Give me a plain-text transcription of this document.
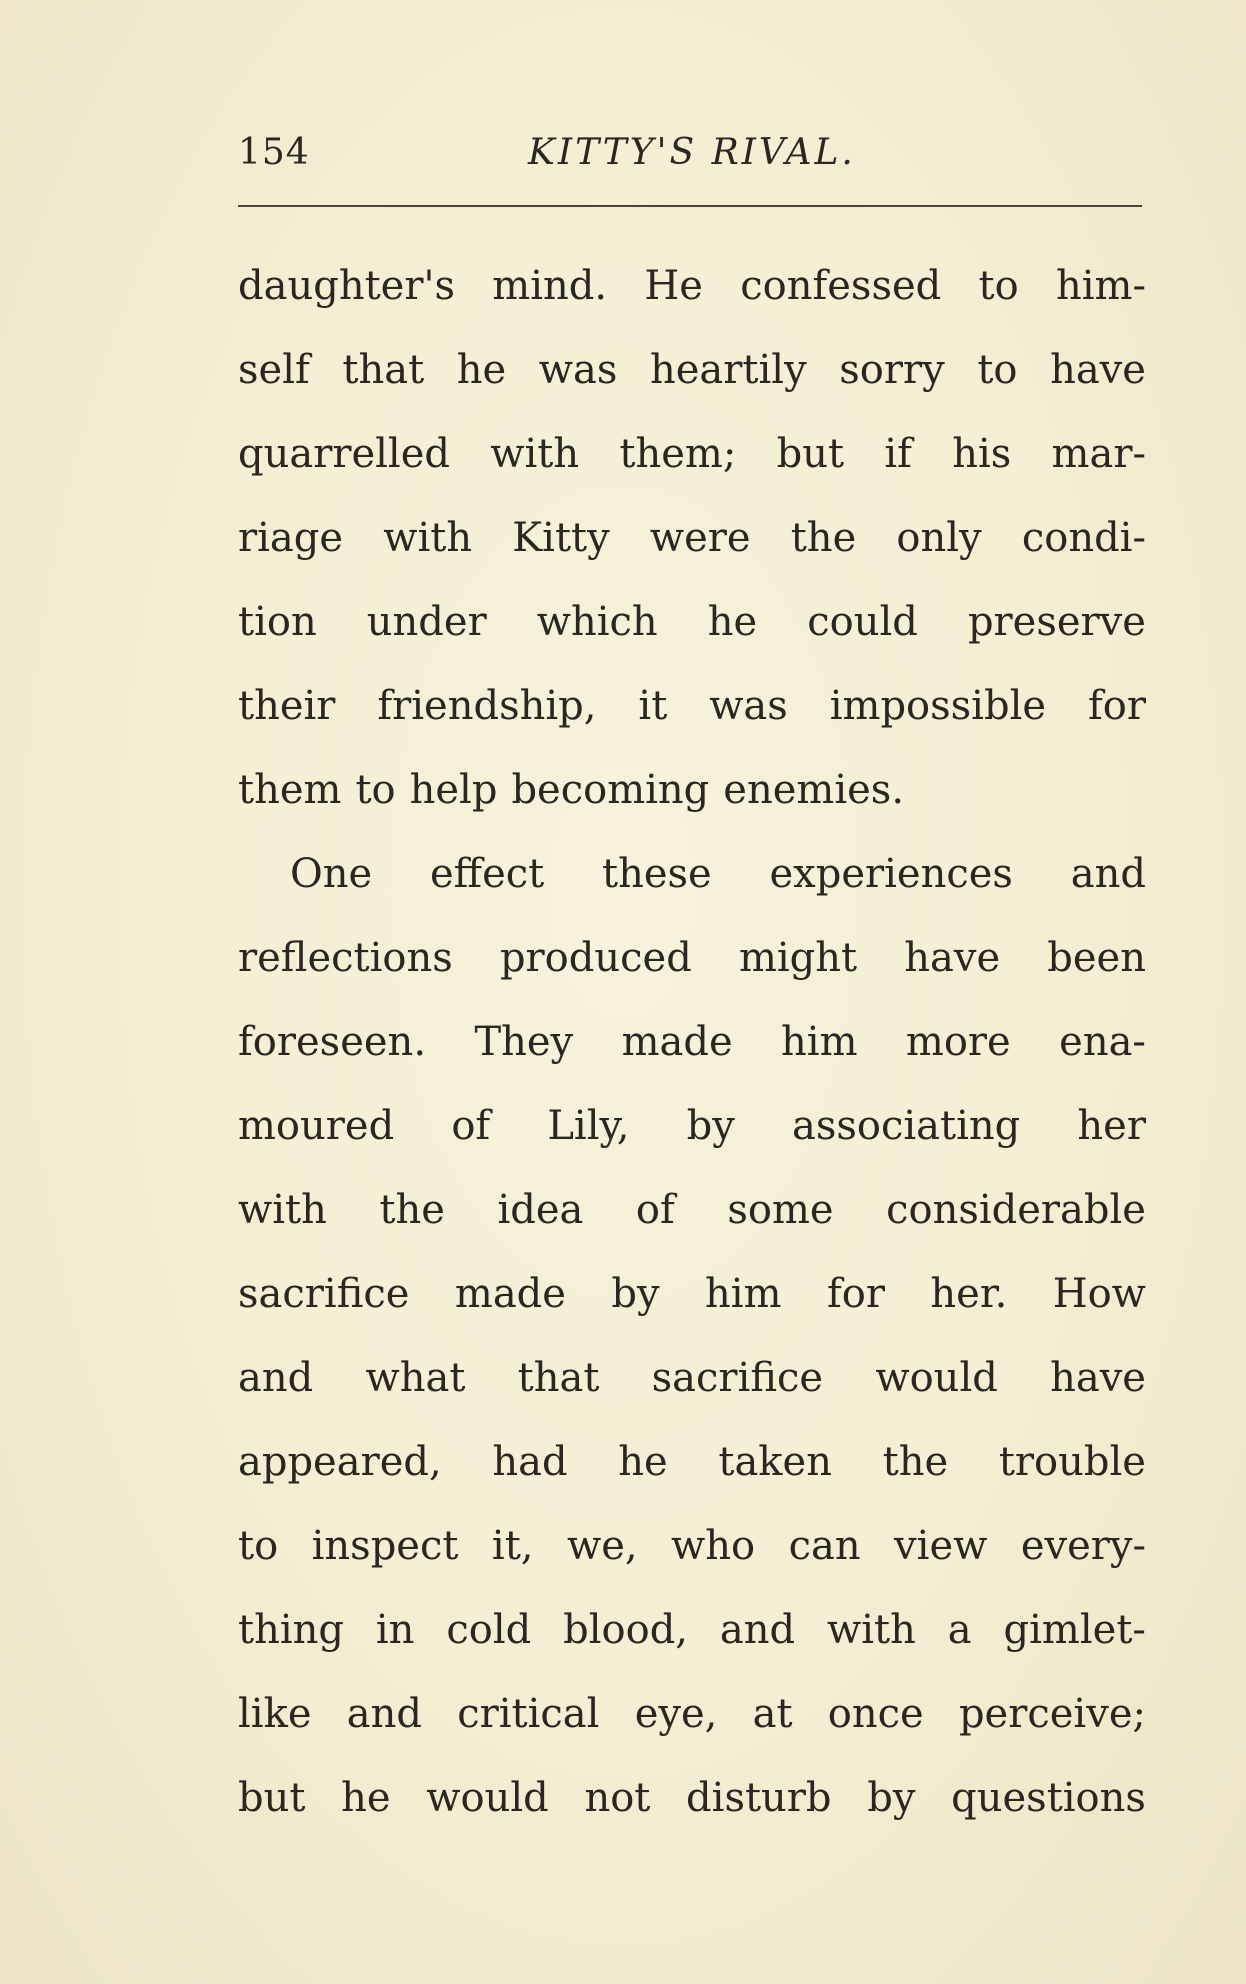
154	KITTY'S RIVAL.
daughter's mind. He confessed to him-
self that he was heartily sorry to have
quarrelled with them; but if his mar-
riage with Kitty were the only condi-
tion under which he could preserve
their friendship, it was impossible for
them to help becoming enemies.
One effect these experiences and
reflections produced might have been
foreseen. They made him more ena-
moured of Lily, by associating her
with the idea of some considerable
sacrifice made by him for her. How
and what that sacrifice would have
appeared, had he taken the trouble
to inspect it, we, who can view every-
thing in cold blood, and with a gimlet-
like and critical eye, at once perceive;
but he would not disturb by questions
